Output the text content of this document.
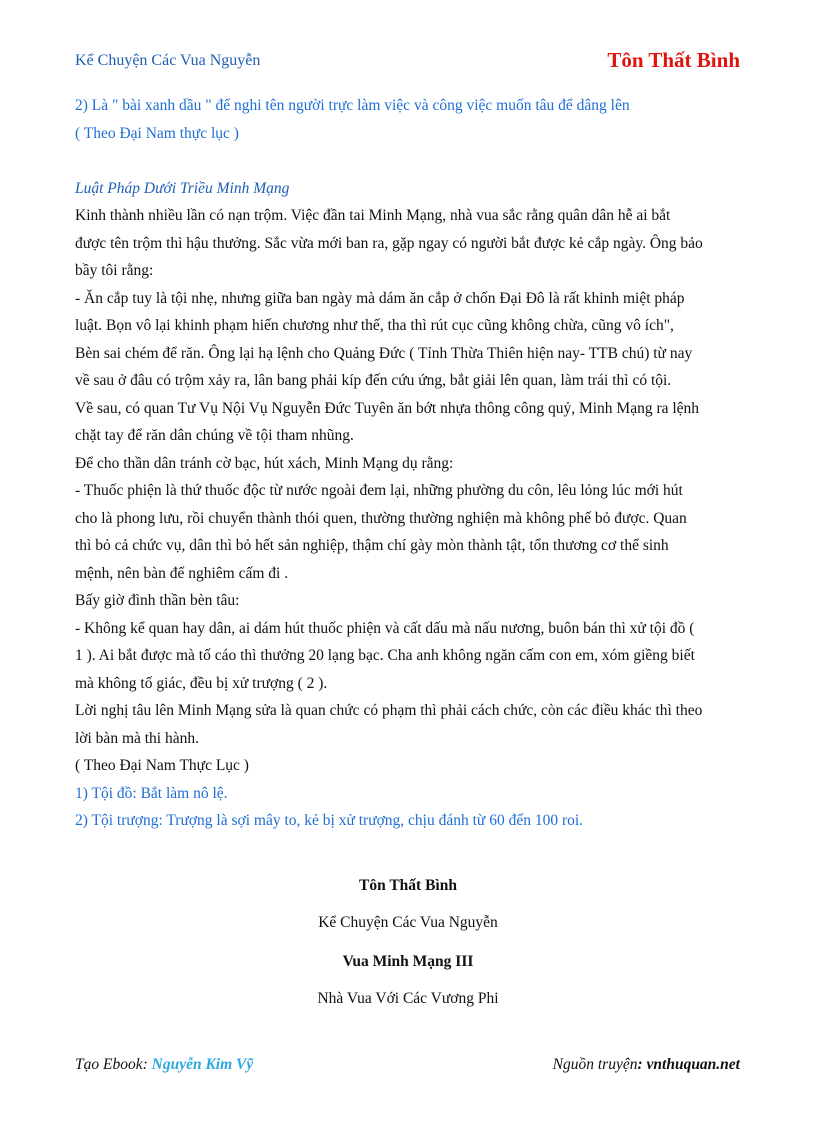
Kể Chuyện Các Vua Nguyễn	Tôn Thất Bình

2) Là " bài xanh dầu " để nghi tên người trực làm việc và công việc muốn tâu để dâng lên

( Theo Đại Nam thực lục )

Luật Pháp Dưới Triều Minh Mạng

Kinh thành nhiều lần có nạn trộm. Việc đần tai Minh Mạng, nhà vua sắc rằng quân dân hễ ai bắt

được tên trộm thì hậu thưởng. Sắc vừa mới ban ra, gặp ngay có người bắt được kẻ cắp ngày. Ông bảo

bầy tôi rằng:

- Ăn cắp tuy là tội nhẹ, nhưng giữa ban ngày mà dám ăn cắp ở chốn Đại Đô là rất khinh miệt pháp

luật. Bọn vô lại khinh phạm hiến chương như thế, tha thì rút cục cũng không chừa, cũng vô ích",

Bèn sai chém để răn. Ông lại hạ lệnh cho Quảng Đức ( Tỉnh Thừa Thiên hiện nay- TTB chú) từ nay

về sau ở đâu có trộm xảy ra, lân bang phải kíp đến cứu ứng, bắt giải lên quan, làm trái thì có tội.

Về sau, có quan Tư Vụ Nội Vụ Nguyễn Đức Tuyên ăn bớt nhựa thông công quỷ, Minh Mạng ra lệnh

chặt tay để răn dân chúng về tội tham nhũng.

Để cho thần dân tránh cờ bạc, hút xách, Minh Mạng dụ rằng:

- Thuốc phiện là thứ thuốc độc từ nước ngoài đem lại, những phường du côn, lêu lỏng lúc mới hút

cho là phong lưu, rồi chuyển thành thói quen, thường thường nghiện mà không phế bỏ được. Quan

thì bỏ cả chức vụ, dân thì bỏ hết sản nghiệp, thậm chí gày mòn thành tật, tổn thương cơ thể sinh

mệnh, nên bàn để nghiêm cấm đi .

Bấy giờ đình thần bèn tâu:

- Không kể quan hay dân, ai dám hút thuốc phiện và cất dấu mà nấu nương, buôn bán thì xử tội đồ (

1 ). Ai bắt được mà tố cáo thì thưởng 20 lạng bạc. Cha anh không ngăn cấm con em, xóm giềng biết

mà không tố giác, đều bị xử trượng ( 2 ).

Lời nghị tâu lên Minh Mạng sửa là quan chức có phạm thì phải cách chức, còn các điều khác thì theo

lời bàn mà thi hành.

( Theo Đại Nam Thực Lục )

1) Tội đồ: Bắt làm nô lệ.

2) Tội trượng: Trượng là sợi mây to, kẻ bị xử trượng, chịu đánh từ 60 đến 100 roi.

Tôn Thất Bình
Kể Chuyện Các Vua Nguyễn
Vua Minh Mạng III
Nhà Vua Với Các Vương Phi
Tạo Ebook: Nguyễn Kim Vỹ	Nguồn truyện: vnthuquan.net
